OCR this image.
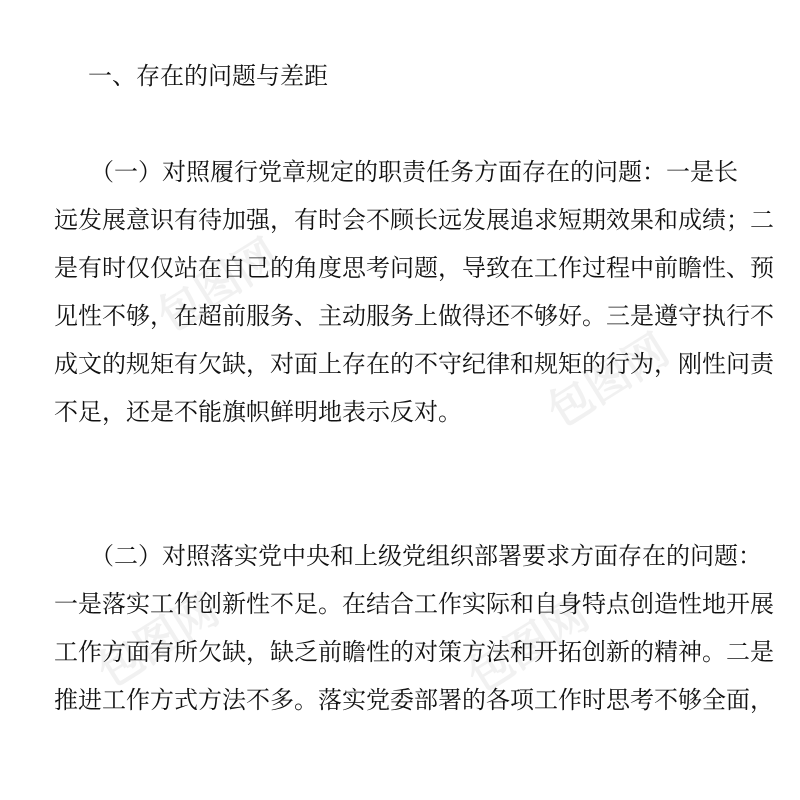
包图网
包图网
包图网	包图网
一、存在的问题与差距
（一）对照履行党章规定的职责任务方面存在的问题：一是长
远发展意识有待加强，有时会不顾长远发展追求短期效果和成绩；二
是有时仅仅站在自己的角度思考问题，导致在工作过程中前瞻性、预
见性不够，在超前服务、主动服务上做得还不够好。三是遵守执行不
成文的规矩有欠缺，对面上存在的不守纪律和规矩的行为，刚性问责
不足，还是不能旗帜鲜明地表示反对。
（二）对照落实党中央和上级党组织部署要求方面存在的问题：
一是落实工作创新性不足。在结合工作实际和自身特点创造性地开展
工作方面有所欠缺，缺乏前瞻性的对策方法和开拓创新的精神。二是
推进工作方式方法不多。落实党委部署的各项工作时思考不够全面，
